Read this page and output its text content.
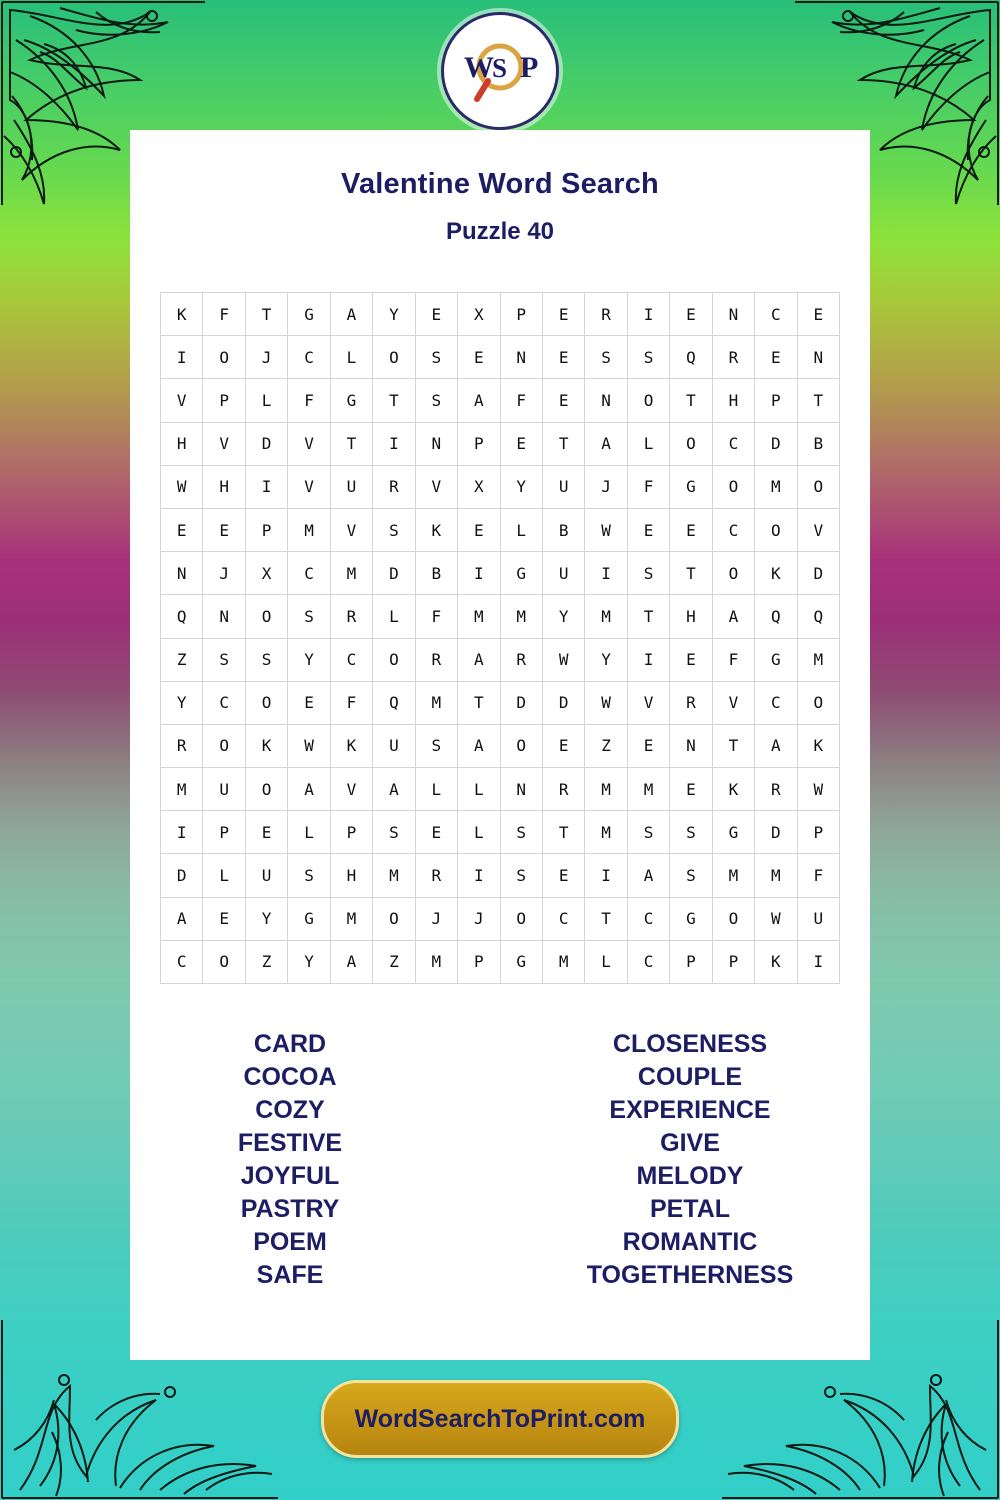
W
S P
Valentine Word Search
Puzzle 40
K	F	T	G	A	Y	E	X	P	E	R	I	E	N	C	E
I	O	J	C	L	O	S	E	N	E	S	S	Q	R	E	N
V	P	L	F	G	T	S	A	F	E	N	O	T	H	P	T
H	V	D	V	T	I	N	P	E	T	A	L	O	C	D	B
W	H	I	V	U	R	V	X	Y	U	J	F	G	O	M	O
E	E	P	M	V	S	K	E	L	B	W	E	E	C	O	V
N	J	X	C	M	D	B	I	G	U	I	S	T	O	K	D
Q	N	O	S	R	L	F	M	M	Y	M	T	H	A	Q	Q
Z	S	S	Y	C	O	R	A	R	W	Y	I	E	F	G	M
Y	C	O	E	F	Q	M	T	D	D	W	V	R	V	C	O
R	O	K	W	K	U	S	A	O	E	Z	E	N	T	A	K
M	U	O	A	V	A	L	L	N	R	M	M	E	K	R	W
I	P	E	L	P	S	E	L	S	T	M	S	S	G	D	P
D	L	U	S	H	M	R	I	S	E	I	A	S	M	M	F
A	E	Y	G	M	O	J	J	O	C	T	C	G	O	W	U
C	O	Z	Y	A	Z	M	P	G	M	L	C	P	P	K	I
CARD
COCOA
COZY
FESTIVE
JOYFUL
PASTRY
POEM
SAFE
CLOSENESS
COUPLE
EXPERIENCE
GIVE
MELODY
PETAL
ROMANTIC
TOGETHERNESS
WordSearchToPrint.com
